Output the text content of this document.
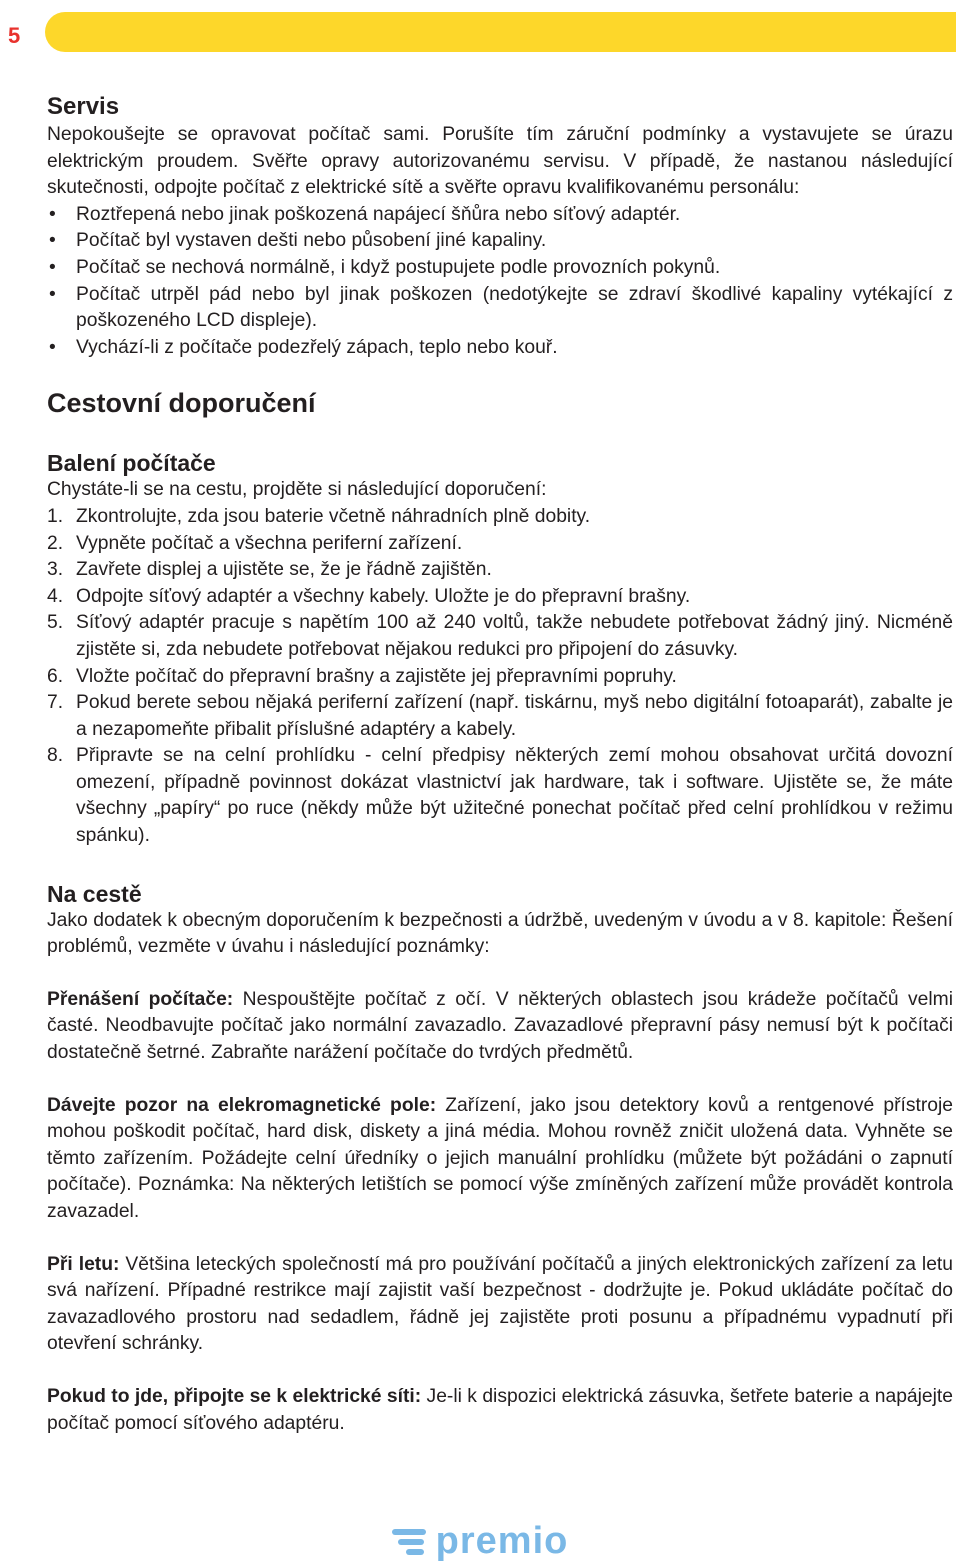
5
Servis

Nepokoušejte se opravovat počítač sami. Porušíte tím záruční podmínky a vystavujete se úrazu elektrickým proudem. Svěřte opravy autorizovanému servisu. V případě, že nastanou následující skutečnosti, odpojte počítač z elektrické sítě a svěřte opravu kvalifikovanému personálu:

• Roztřepená nebo jinak poškozená napájecí šňůra nebo síťový adaptér.
• Počítač byl vystaven dešti nebo působení jiné kapaliny.
• Počítač se nechová normálně, i když postupujete podle provozních pokynů.
• Počítač utrpěl pád nebo byl jinak poškozen (nedotýkejte se zdraví škodlivé kapaliny vytékající z poškozeného LCD displeje).
• Vychází-li z počítače podezřelý zápach, teplo nebo kouř.
Cestovní doporučení
Balení počítače

Chystáte-li se na cestu, projděte si následující doporučení:

1. Zkontrolujte, zda jsou baterie včetně náhradních plně dobity.
2. Vypněte počítač a všechna periferní zařízení.
3. Zavřete displej a ujistěte se, že je řádně zajištěn.
4. Odpojte síťový adaptér a všechny kabely. Uložte je do přepravní brašny.
5. Síťový adaptér pracuje s napětím 100 až 240 voltů, takže nebudete potřebovat žádný jiný. Nicméně zjistěte si, zda nebudete potřebovat nějakou redukci pro připojení do zásuvky.
6. Vložte počítač do přepravní brašny a zajistěte jej přepravními popruhy.
7. Pokud berete sebou nějaká periferní zařízení (např. tiskárnu, myš nebo digitální fotoaparát), zabalte je a nezapomeňte přibalit příslušné adaptéry a kabely.
8. Připravte se na celní prohlídku - celní předpisy některých zemí mohou obsahovat určitá dovozní omezení, případně povinnost dokázat vlastnictví jak hardware, tak i software. Ujistěte se, že máte všechny „papíry“ po ruce (někdy může být užitečné ponechat počítač před celní prohlídkou v režimu spánku).
Na cestě

Jako dodatek k obecným doporučením k bezpečnosti a údržbě, uvedeným v úvodu a v 8. kapitole: Řešení problémů, vezměte v úvahu i následující poznámky:

Přenášení počítače: Nespouštějte počítač z očí. V některých oblastech jsou krádeže počítačů velmi časté. Neodbavujte počítač jako normální zavazadlo. Zavazadlové přepravní pásy nemusí být k počítači dostatečně šetrné. Zabraňte narážení počítače do tvrdých předmětů.

Dávejte pozor na elekromagnetické pole: Zařízení, jako jsou detektory kovů a rentgenové přístroje mohou poškodit počítač, hard disk, diskety a jiná média. Mohou rovněž zničit uložená data. Vyhněte se těmto zařízením. Požádejte celní úředníky o jejich manuální prohlídku (můžete být požádáni o zapnutí počítače). Poznámka: Na některých letištích se pomocí výše zmíněných zařízení může provádět kontrola zavazadel.

Při letu: Většina leteckých společností má pro používání počítačů a jiných elektronických zařízení za letu svá nařízení. Případné restrikce mají zajistit vaší bezpečnost - dodržujte je. Pokud ukládáte počítač do zavazadlového prostoru nad sedadlem, řádně jej zajistěte proti posunu a případnému vypadnutí při otevření schránky.

Pokud to jde, připojte se k elektrické síti: Je-li k dispozici elektrická zásuvka, šetřete baterie a napájejte počítač pomocí síťového adaptéru.

premio
